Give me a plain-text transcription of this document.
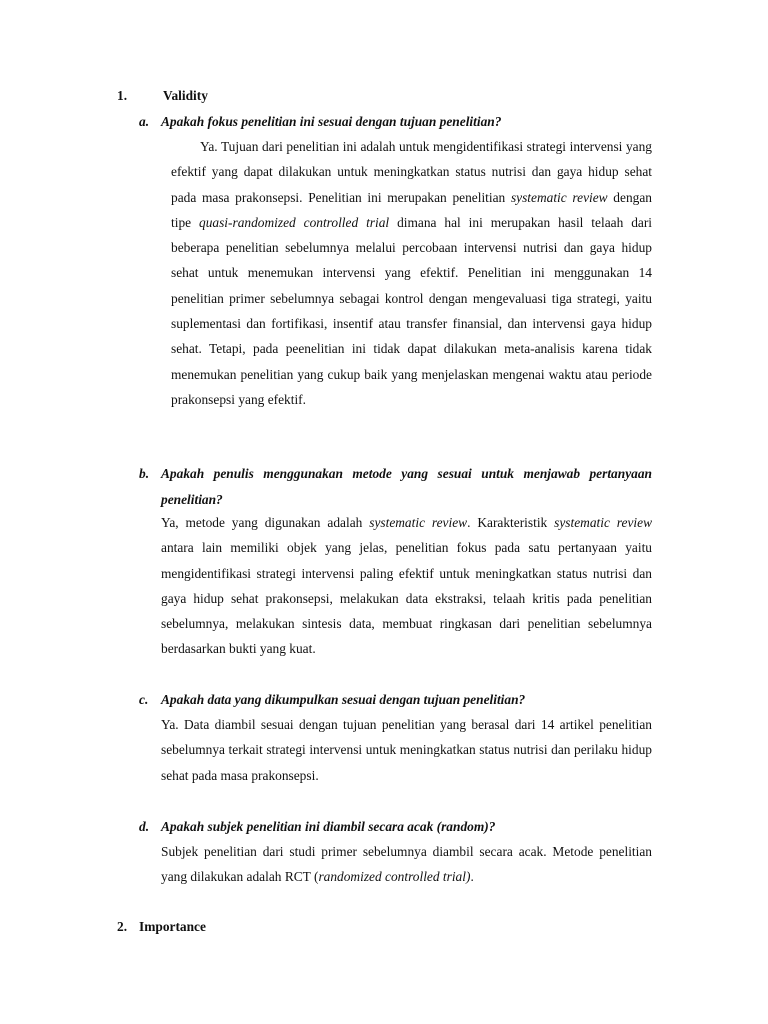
1.	Validity
a. Apakah fokus penelitian ini sesuai dengan tujuan penelitian?
Ya. Tujuan dari penelitian ini adalah untuk mengidentifikasi strategi intervensi yang efektif yang dapat dilakukan untuk meningkatkan status nutrisi dan gaya hidup sehat pada masa prakonsepsi. Penelitian ini merupakan penelitian systematic review dengan tipe quasi-randomized controlled trial dimana hal ini merupakan hasil telaah dari beberapa penelitian sebelumnya melalui percobaan intervensi nutrisi dan gaya hidup sehat untuk menemukan intervensi yang efektif. Penelitian ini menggunakan 14 penelitian primer sebelumnya sebagai kontrol dengan mengevaluasi tiga strategi, yaitu suplementasi dan fortifikasi, insentif atau transfer finansial, dan intervensi gaya hidup sehat. Tetapi, pada peenelitian ini tidak dapat dilakukan meta-analisis karena tidak menemukan penelitian yang cukup baik yang menjelaskan mengenai waktu atau periode prakonsepsi yang efektif.
b. Apakah penulis menggunakan metode yang sesuai untuk menjawab pertanyaan penelitian?
Ya, metode yang digunakan adalah systematic review. Karakteristik systematic review antara lain memiliki objek yang jelas, penelitian fokus pada satu pertanyaan yaitu mengidentifikasi strategi intervensi paling efektif untuk meningkatkan status nutrisi dan gaya hidup sehat prakonsepsi, melakukan data ekstraksi, telaah kritis pada penelitian sebelumnya, melakukan sintesis data, membuat ringkasan dari penelitian sebelumnya berdasarkan bukti yang kuat.
c. Apakah data yang dikumpulkan sesuai dengan tujuan penelitian?
Ya. Data diambil sesuai dengan tujuan penelitian yang berasal dari 14 artikel penelitian sebelumnya terkait strategi intervensi untuk meningkatkan status nutrisi dan perilaku hidup sehat pada masa prakonsepsi.
d. Apakah subjek penelitian ini diambil secara acak (random)?
Subjek penelitian dari studi primer sebelumnya diambil secara acak. Metode penelitian yang dilakukan adalah RCT (randomized controlled trial).
2. Importance
